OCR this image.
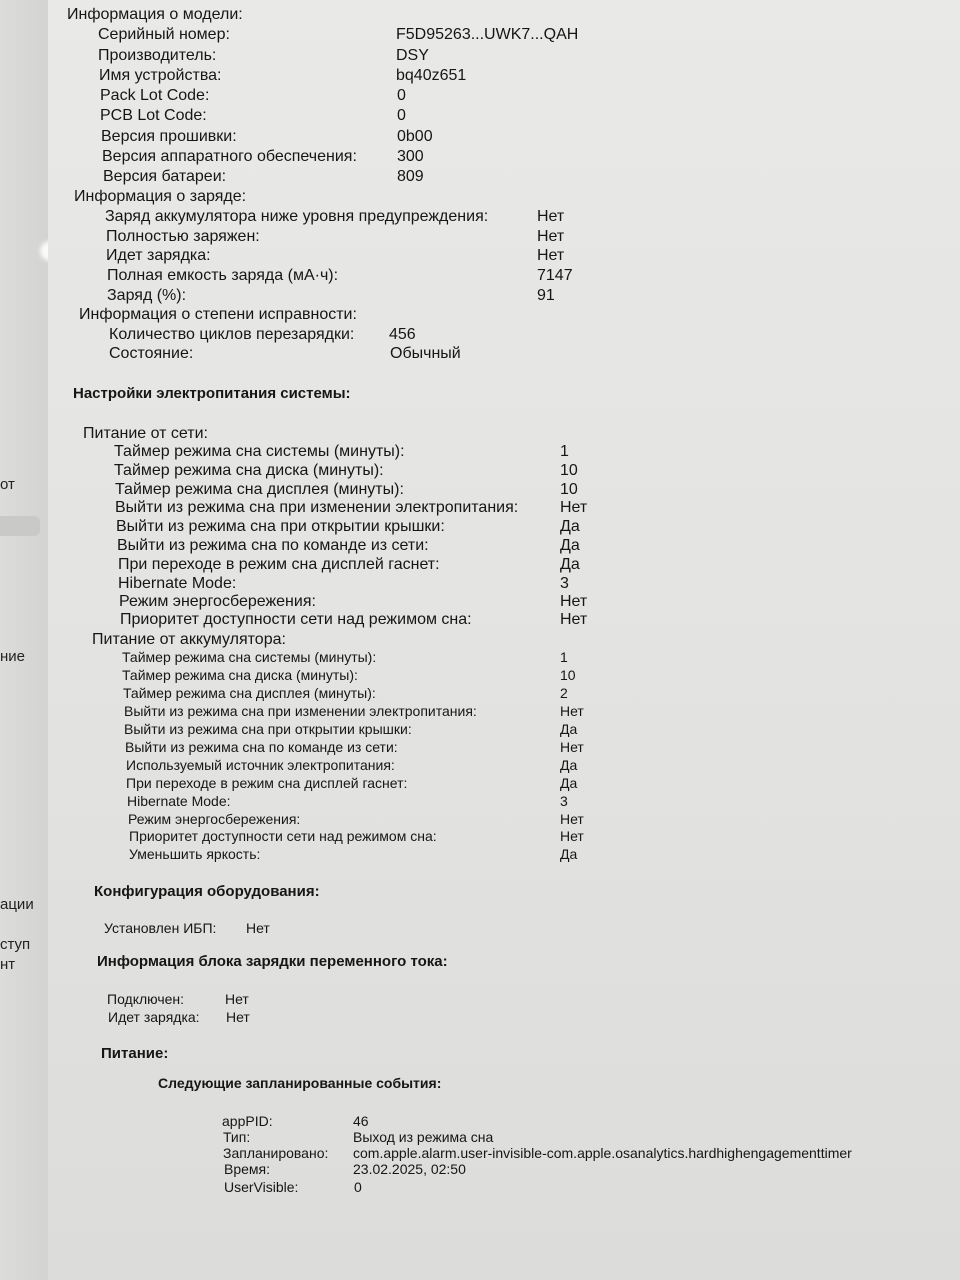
от
ние
ации
ступ
нт
Информация о модели:
Серийный номер:	F5D95263...UWK7...QAH
Производитель:	DSY
Имя устройства:	bq40z651
Pack Lot Code:	0
PCB Lot Code:	0
Версия прошивки:	0b00
Версия аппаратного обеспечения:	300
Версия батареи:	809
Информация о заряде:
Заряд аккумулятора ниже уровня предупреждения:	Нет
Полностью заряжен:	Нет
Идет зарядка:	Нет
Полная емкость заряда (мА·ч):	7147
Заряд (%):	91
Информация о степени исправности:
Количество циклов перезарядки: 456
Состояние:	Обычный
Настройки электропитания системы:
Питание от сети:
Таймер режима сна системы (минуты):	1
Таймер режима сна диска (минуты):	10
Таймер режима сна дисплея (минуты):	10
Выйти из режима сна при изменении электропитания:	Нет
Выйти из режима сна при открытии крышки:	Да
Выйти из режима сна по команде из сети:	Да
При переходе в режим сна дисплей гаснет:	Да
Hibernate Mode:	3
Режим энергосбережения:	Нет
Приоритет доступности сети над режимом сна:	Нет
Питание от аккумулятора:
Таймер режима сна системы (минуты):	1
Таймер режима сна диска (минуты):	10
Таймер режима сна дисплея (минуты):	2
Выйти из режима сна при изменении электропитания:	Нет
Выйти из режима сна при открытии крышки:	Да
Выйти из режима сна по команде из сети:	Нет
Используемый источник электропитания:	Да
При переходе в режим сна дисплей гаснет:	Да
Hibernate Mode:	3
Режим энергосбережения:	Нет
Приоритет доступности сети над режимом сна:	Нет
Уменьшить яркость:	Да
Конфигурация оборудования:
Установлен ИБП: Нет
Информация блока зарядки переменного тока:
Подключен:	Нет
Идет зарядка: Нет
Питание:
Следующие запланированные события:
appPID:	46
Тип:	Выход из режима сна
Запланировано: com.apple.alarm.user-invisible-com.apple.osanalytics.hardhighengagementtimer
Время:	23.02.2025, 02:50
UserVisible:	0
